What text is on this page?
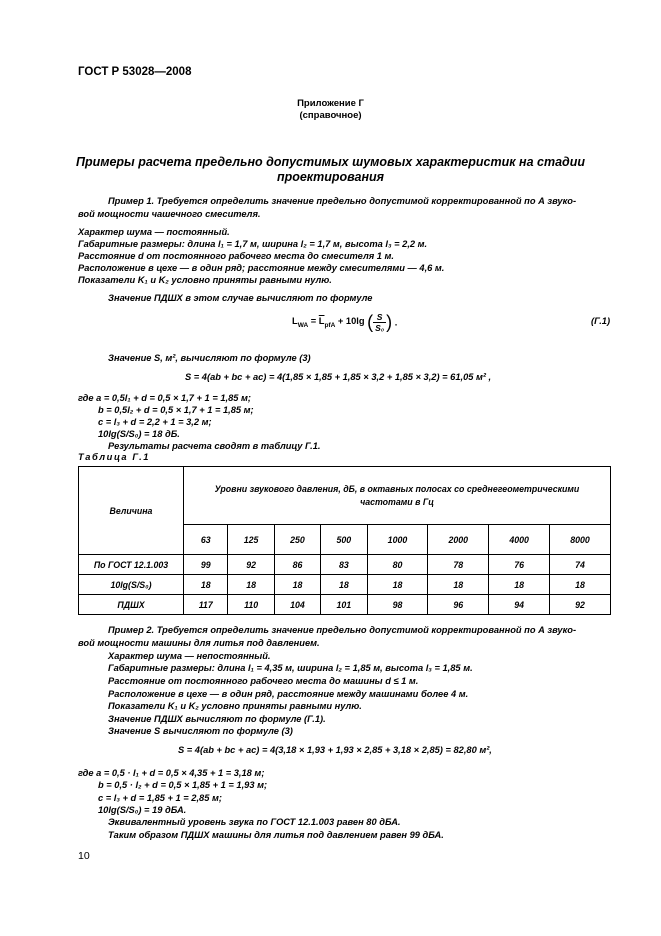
ГОСТ Р 53028—2008
Приложение Г
(справочное)
Примеры расчета предельно допустимых шумовых характеристик на стадии
проектирования
Пример 1. Требуется определить значение предельно допустимой корректированной по А звуко-
вой мощности чашечного смесителя.
Характер шума — постоянный.
Габаритные размеры: длина l₁ = 1,7 м, ширина l₂ = 1,7 м, высота l₃ = 2,2 м.
Расстояние d от постоянного рабочего места до смесителя 1 м.
Расположение в цехе — в один ряд; расстояние между смесителями — 4,6 м.
Показатели K₁ и K₂ условно приняты равными нулю.
Значение ПДШХ в этом случае вычисляют по формуле
$L_{WA} = \overline{L}_{pfA} + 10\lg$ ( $\frac{S}{\text{S₀}}$ ) .	(Г.1)
Значение S, м², вычисляют по формуле (3)
S = 4(ab + bc + ac) = 4(1,85 × 1,85 + 1,85 × 3,2 + 1,85 × 3,2) = 61,05 м² ,
где a = 0,5l₁ + d = 0,5 × 1,7 + 1 = 1,85 м;
b = 0,5l₂ + d = 0,5 × 1,7 + 1 = 1,85 м;
c = l₃ + d = 2,2 + 1 = 3,2 м;
10lg(S/S₀) = 18 дБ.
Результаты расчета сводят в таблицу Г.1.
Таблица Г.1
Величина	Уровни звукового давления, дБ, в октавных полосах со среднегеометрическими
частотами в Гц							

	63	125	250	500	1000	2000	4000	8000
По ГОСТ 12.1.003	99	92	86	83	80	78	76	74
10lg(S/S₀)	18	18	18	18	18	18	18	18
ПДШХ	117	110	104	101	98	96	94	92
Пример 2. Требуется определить значение предельно допустимой корректированной по А звуко-
вой мощности машины для литья под давлением.
Характер шума — непостоянный.
Габаритные размеры: длина l₁ = 4,35 м, ширина l₂ = 1,85 м, высота l₃ = 1,85 м.
Расстояние от постоянного рабочего места до машины d ≤ 1 м.
Расположение в цехе — в один ряд, расстояние между машинами более 4 м.
Показатели K₁ и K₂ условно приняты равными нулю.
Значение ПДШХ вычисляют по формуле (Г.1).
Значение S вычисляют по формуле (3)
S = 4(ab + bc + ac) = 4(3,18 × 1,93 + 1,93 × 2,85 + 3,18 × 2,85) = 82,80 м²,
где a = 0,5 · l₁ + d = 0,5 × 4,35 + 1 = 3,18 м;
b = 0,5 · l₂ + d = 0,5 × 1,85 + 1 = 1,93 м;
c = l₃ + d = 1,85 + 1 = 2,85 м;
10lg(S/S₀) = 19 дБА.
Эквивалентный уровень звука по ГОСТ 12.1.003 равен 80 дБА.
Таким образом ПДШХ машины для литья под давлением равен 99 дБА.
10
